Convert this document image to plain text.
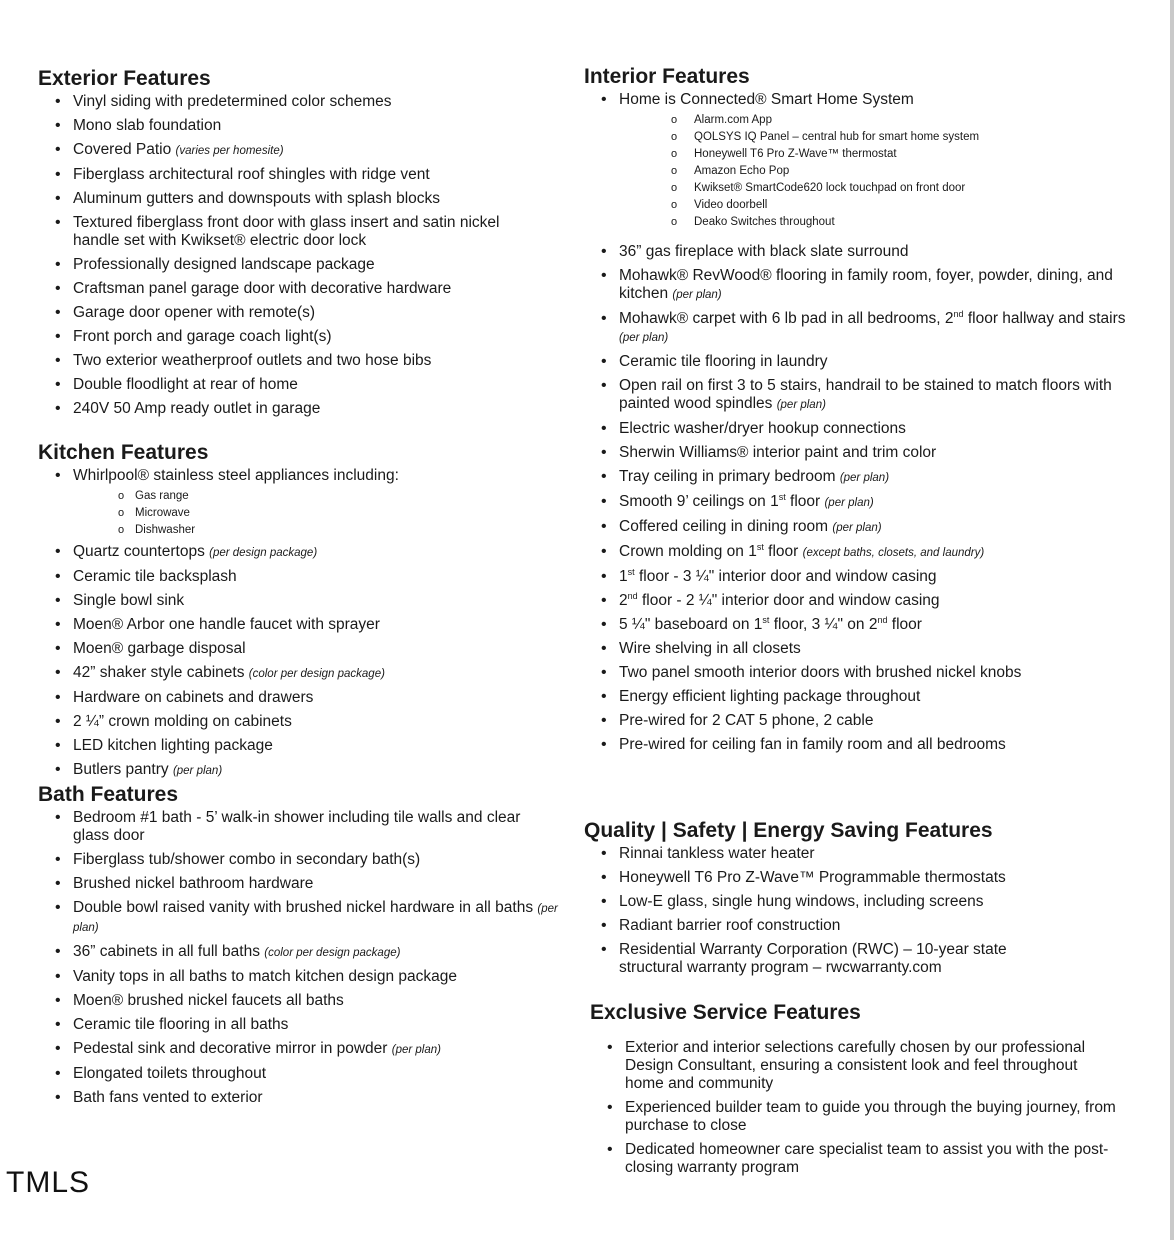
Exterior Features
• Vinyl siding with predetermined color schemes
• Mono slab foundation
• Covered Patio (varies per homesite)
• Fiberglass architectural roof shingles with ridge vent
• Aluminum gutters and downspouts with splash blocks
• Textured fiberglass front door with glass insert and satin nickel handle set with Kwikset® electric door lock
• Professionally designed landscape package
• Craftsman panel garage door with decorative hardware
• Garage door opener with remote(s)
• Front porch and garage coach light(s)
• Two exterior weatherproof outlets and two hose bibs
• Double floodlight at rear of home
• 240V 50 Amp ready outlet in garage
Kitchen Features
• Whirlpool® stainless steel appliances including:
o Gas range
o Microwave
o Dishwasher
• Quartz countertops (per design package)
• Ceramic tile backsplash
• Single bowl sink
• Moen® Arbor one handle faucet with sprayer
• Moen® garbage disposal
• 42” shaker style cabinets (color per design package)
• Hardware on cabinets and drawers
• 2 ¼” crown molding on cabinets
• LED kitchen lighting package
• Butlers pantry (per plan)
Bath Features
• Bedroom #1 bath - 5’ walk-in shower including tile walls and clear glass door
• Fiberglass tub/shower combo in secondary bath(s)
• Brushed nickel bathroom hardware
• Double bowl raised vanity with brushed nickel hardware in all baths (per plan)
• 36” cabinets in all full baths (color per design package)
• Vanity tops in all baths to match kitchen design package
• Moen® brushed nickel faucets all baths
• Ceramic tile flooring in all baths
• Pedestal sink and decorative mirror in powder (per plan)
• Elongated toilets throughout
• Bath fans vented to exterior
Interior Features
• Home is Connected® Smart Home System
o Alarm.com App
o QOLSYS IQ Panel – central hub for smart home system
o Honeywell T6 Pro Z-Wave™ thermostat
o Amazon Echo Pop
o Kwikset® SmartCode620 lock touchpad on front door
o Video doorbell
o Deako Switches throughout
• 36” gas fireplace with black slate surround
• Mohawk® RevWood® flooring in family room, foyer, powder, dining, and kitchen (per plan)
• Mohawk® carpet with 6 lb pad in all bedrooms, 2nd floor hallway and stairs (per plan)
• Ceramic tile flooring in laundry
• Open rail on first 3 to 5 stairs, handrail to be stained to match floors with painted wood spindles (per plan)
• Electric washer/dryer hookup connections
• Sherwin Williams® interior paint and trim color
• Tray ceiling in primary bedroom (per plan)
• Smooth 9’ ceilings on 1st floor (per plan)
• Coffered ceiling in dining room (per plan)
• Crown molding on 1st floor (except baths, closets, and laundry)
• 1st floor - 3 ¼" interior door and window casing
• 2nd floor - 2 ¼" interior door and window casing
• 5 ¼" baseboard on 1st floor, 3 ¼" on 2nd floor
• Wire shelving in all closets
• Two panel smooth interior doors with brushed nickel knobs
• Energy efficient lighting package throughout
• Pre-wired for 2 CAT 5 phone, 2 cable
• Pre-wired for ceiling fan in family room and all bedrooms
Quality | Safety | Energy Saving Features
• Rinnai tankless water heater
• Honeywell T6 Pro Z-Wave™ Programmable thermostats
• Low-E glass, single hung windows, including screens
• Radiant barrier roof construction
• Residential Warranty Corporation (RWC) – 10-year state structural warranty program – rwcwarranty.com
Exclusive Service Features
• Exterior and interior selections carefully chosen by our professional Design Consultant, ensuring a consistent look and feel throughout home and community
• Experienced builder team to guide you through the buying journey, from purchase to close
• Dedicated homeowner care specialist team to assist you with the post-closing warranty program
TMLS
